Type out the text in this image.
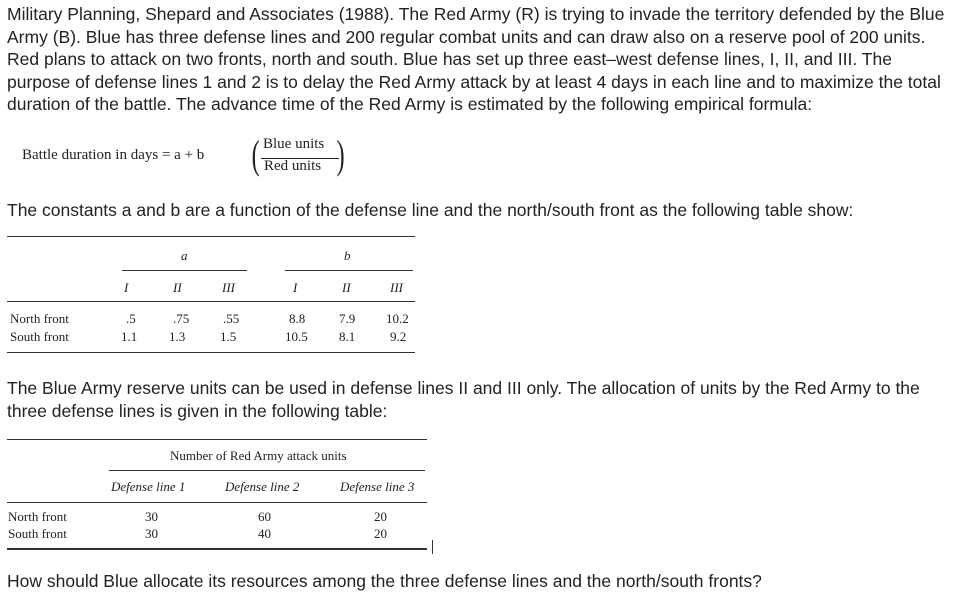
Military Planning, Shepard and Associates (1988). The Red Army (R) is trying to invade the territory defended by the Blue Army (B). Blue has three defense lines and 200 regular combat units and can draw also on a reserve pool of 200 units. Red plans to attack on two fronts, north and south. Blue has set up three east–west defense lines, I, II, and III. The purpose of defense lines 1 and 2 is to delay the Red Army attack by at least 4 days in each line and to maximize the total duration of the battle. The advance time of the Red Army is estimated by the following empirical formula:
Battle duration in days = a + b ( Blue units
Red units )
The constants a and b are a function of the defense line and the north/south front as the following table show:
a	b
I	II	III	I	II	III
North front	.5	.75	.55	8.8	7.9 10.2
South front	1.1 1.3	1.5	10.5 8.1	9.2
The Blue Army reserve units can be used in defense lines II and III only. The allocation of units by the Red Army to the three defense lines is given in the following table:
Number of Red Army attack units
Defense line 1	Defense line 2	Defense line 3
North front	30	60	20
South front	30	40	20
How should Blue allocate its resources among the three defense lines and the north/south fronts?
